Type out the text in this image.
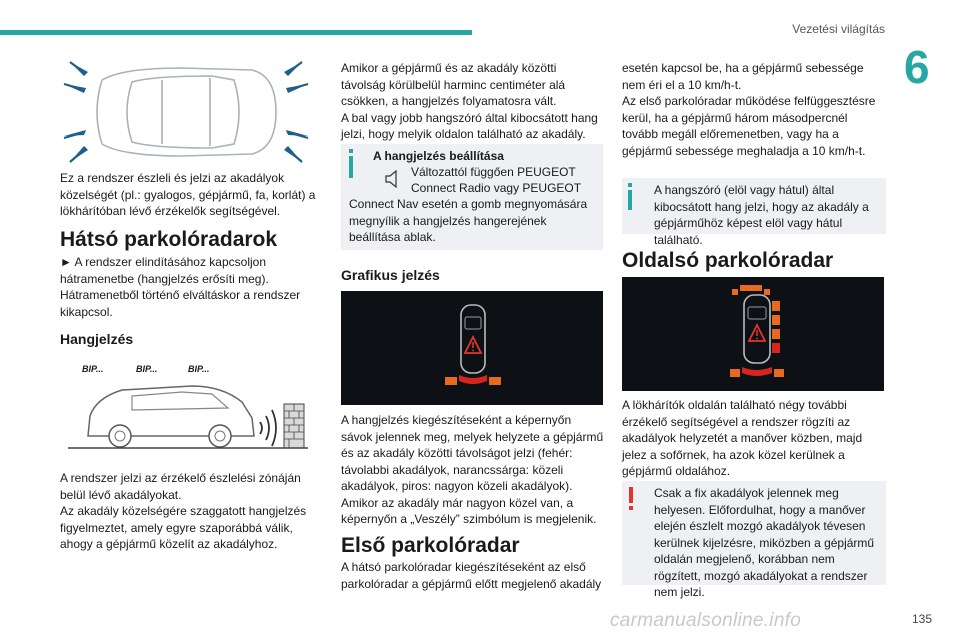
Vezetési világítás
6

Ez a rendszer észleli és jelzi az akadályok közelségét (pl.: gyalogos, gépjármű, fa, korlát) a lökhárítóban lévő érzékelők segítségével.

Hátsó parkolóradarok

► A rendszer elindításához kapcsoljon hátramenetbe (hangjelzés erősíti meg). Hátramenetből történő elváltáskor a rendszer kikapcsol.

Hangjelzés
BIP...	BIP...	BIP...

A rendszer jelzi az érzékelő észlelési zónáján belül lévő akadályokat.

Az akadály közelségére szaggatott hangjelzés figyelmeztet, amely egyre szaporábbá válik, ahogy a gépjármű közelít az akadályhoz.

Amikor a gépjármű és az akadály közötti távolság körülbelül harminc centiméter alá csökken, a hangjelzés folyamatosra vált.

A bal vagy jobb hangszóró által kibocsátott hang jelzi, hogy melyik oldalon található az akadály.

A hangjelzés beállítása
Változattól függően PEUGEOT
Connect Radio vagy PEUGEOT
Connect Nav esetén a gomb megnyomására megnyílik a hangjelzés hangerejének beállítása ablak.
Grafikus jelzés

A hangjelzés kiegészítéseként a képernyőn sávok jelennek meg, melyek helyzete a gépjármű és az akadály közötti távolságot jelzi (fehér: távolabbi akadályok, narancssárga: közeli akadályok, piros: nagyon közeli akadályok). Amikor az akadály már nagyon közel van, a képernyőn a „Veszély” szimbólum is megjelenik.

Első parkolóradar

A hátsó parkolóradar kiegészítéseként az első parkolóradar a gépjármű előtt megjelenő akadály

esetén kapcsol be, ha a gépjármű sebessége nem éri el a 10 km/h-t.

Az első parkolóradar működése felfüggesztésre kerül, ha a gépjármű három másodpercnél tovább megáll előremenetben, vagy ha a gépjármű sebessége meghaladja a 10 km/h-t.

A hangszóró (elöl vagy hátul) által kibocsátott hang jelzi, hogy az akadály a gépjárműhöz képest elöl vagy hátul található.
Oldalsó parkolóradar

A lökhárítók oldalán található négy további érzékelő segítségével a rendszer rögzíti az akadályok helyzetét a manőver közben, majd jelez a sofőrnek, ha azok közel kerülnek a gépjármű oldalához.

Csak a fix akadályok jelennek meg helyesen. Előfordulhat, hogy a manőver elején észlelt mozgó akadályok tévesen kerülnek kijelzésre, miközben a gépjármű oldalán megjelenő, korábban nem rögzített, mozgó akadályokat a rendszer nem jelzi.
carmanualsonline.info	135
